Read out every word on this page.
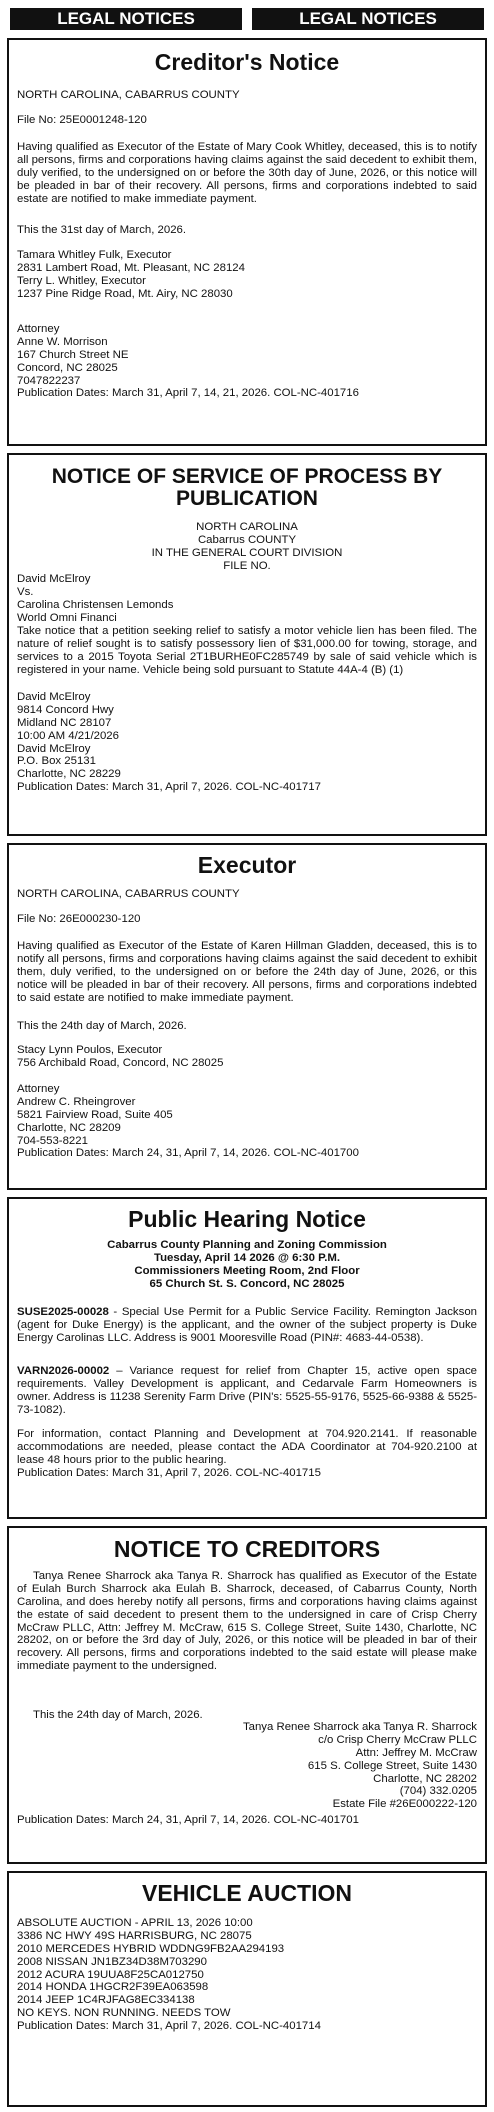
LEGAL NOTICES	LEGAL NOTICES
Creditor's Notice
NORTH CAROLINA, CABARRUS COUNTY
File No: 25E0001248-120
Having qualified as Executor of the Estate of Mary Cook Whitley, deceased, this is to notify all persons, firms and corporations having claims against the said decedent to exhibit them, duly verified, to the undersigned on or before the 30th day of June, 2026, or this notice will be pleaded in bar of their recovery. All persons, firms and corporations indebted to said estate are notified to make immediate payment.
This the 31st day of March, 2026.
Tamara Whitley Fulk, Executor
2831 Lambert Road, Mt. Pleasant, NC 28124
Terry L. Whitley, Executor
1237 Pine Ridge Road, Mt. Airy, NC 28030
Attorney
Anne W. Morrison
167 Church Street NE
Concord, NC 28025
7047822237
Publication Dates: March 31, April 7, 14, 21, 2026. COL-NC-401716
NOTICE OF SERVICE OF PROCESS BY
PUBLICATION
NORTH CAROLINA
Cabarrus COUNTY
IN THE GENERAL COURT DIVISION
FILE NO.
David McElroy
Vs.
Carolina Christensen Lemonds
World Omni Financi
Take notice that a petition seeking relief to satisfy a motor vehicle lien has been filed. The nature of relief sought is to satisfy possessory lien of $31,000.00 for towing, storage, and services to a 2015 Toyota Serial 2T1BURHE0FC285749 by sale of said vehicle which is registered in your name. Vehicle being sold pursuant to Statute 44A-4 (B) (1)
David McElroy
9814 Concord Hwy
Midland NC 28107
10:00 AM 4/21/2026
David McElroy
P.O. Box 25131
Charlotte, NC 28229
Publication Dates: March 31, April 7, 2026. COL-NC-401717
Executor
NORTH CAROLINA, CABARRUS COUNTY
File No: 26E000230-120
Having qualified as Executor of the Estate of Karen Hillman Gladden, deceased, this is to notify all persons, firms and corporations having claims against the said decedent to exhibit them, duly verified, to the undersigned on or before the 24th day of June, 2026, or this notice will be pleaded in bar of their recovery. All persons, firms and corporations indebted to said estate are notified to make immediate payment.
This the 24th day of March, 2026.
Stacy Lynn Poulos, Executor
756 Archibald Road, Concord, NC 28025
Attorney
Andrew C. Rheingrover
5821 Fairview Road, Suite 405
Charlotte, NC 28209
704-553-8221
Publication Dates: March 24, 31, April 7, 14, 2026. COL-NC-401700
Public Hearing Notice
Cabarrus County Planning and Zoning Commission
Tuesday, April 14 2026 @ 6:30 P.M.
Commissioners Meeting Room, 2nd Floor
65 Church St. S. Concord, NC 28025
SUSE2025-00028 - Special Use Permit for a Public Service Facility. Remington Jackson (agent for Duke Energy) is the applicant, and the owner of the subject property is Duke Energy Carolinas LLC. Address is 9001 Mooresville Road (PIN#: 4683-44-0538).
VARN2026-00002 – Variance request for relief from Chapter 15, active open space requirements. Valley Development is applicant, and Cedarvale Farm Homeowners is owner. Address is 11238 Serenity Farm Drive (PIN's: 5525-55-9176, 5525-66-9388 & 5525-73-1082).
For information, contact Planning and Development at 704.920.2141. If reasonable accommodations are needed, please contact the ADA Coordinator at 704-920.2100 at lease 48 hours prior to the public hearing.
Publication Dates: March 31, April 7, 2026. COL-NC-401715
NOTICE TO CREDITORS
Tanya Renee Sharrock aka Tanya R. Sharrock has qualified as Executor of the Estate of Eulah Burch Sharrock aka Eulah B. Sharrock, deceased, of Cabarrus County, North Carolina, and does hereby notify all persons, firms and corporations having claims against the estate of said decedent to present them to the undersigned in care of Crisp Cherry McCraw PLLC, Attn: Jeffrey M. McCraw, 615 S. College Street, Suite 1430, Charlotte, NC 28202, on or before the 3rd day of July, 2026, or this notice will be pleaded in bar of their recovery. All persons, firms and corporations indebted to the said estate will please make immediate payment to the undersigned.
This the 24th day of March, 2026.
Tanya Renee Sharrock aka Tanya R. Sharrock
c/o Crisp Cherry McCraw PLLC
Attn: Jeffrey M. McCraw
615 S. College Street, Suite 1430
Charlotte, NC 28202
(704) 332.0205
Estate File #26E000222-120
Publication Dates: March 24, 31, April 7, 14, 2026. COL-NC-401701
VEHICLE AUCTION
ABSOLUTE AUCTION - APRIL 13, 2026 10:00
3386 NC HWY 49S HARRISBURG, NC 28075
2010 MERCEDES HYBRID WDDNG9FB2AA294193
2008 NISSAN JN1BZ34D38M703290
2012 ACURA 19UUA8F25CA012750
2014 HONDA 1HGCR2F39EA063598
2014 JEEP 1C4RJFAG8EC334138
NO KEYS. NON RUNNING. NEEDS TOW
Publication Dates: March 31, April 7, 2026. COL-NC-401714
